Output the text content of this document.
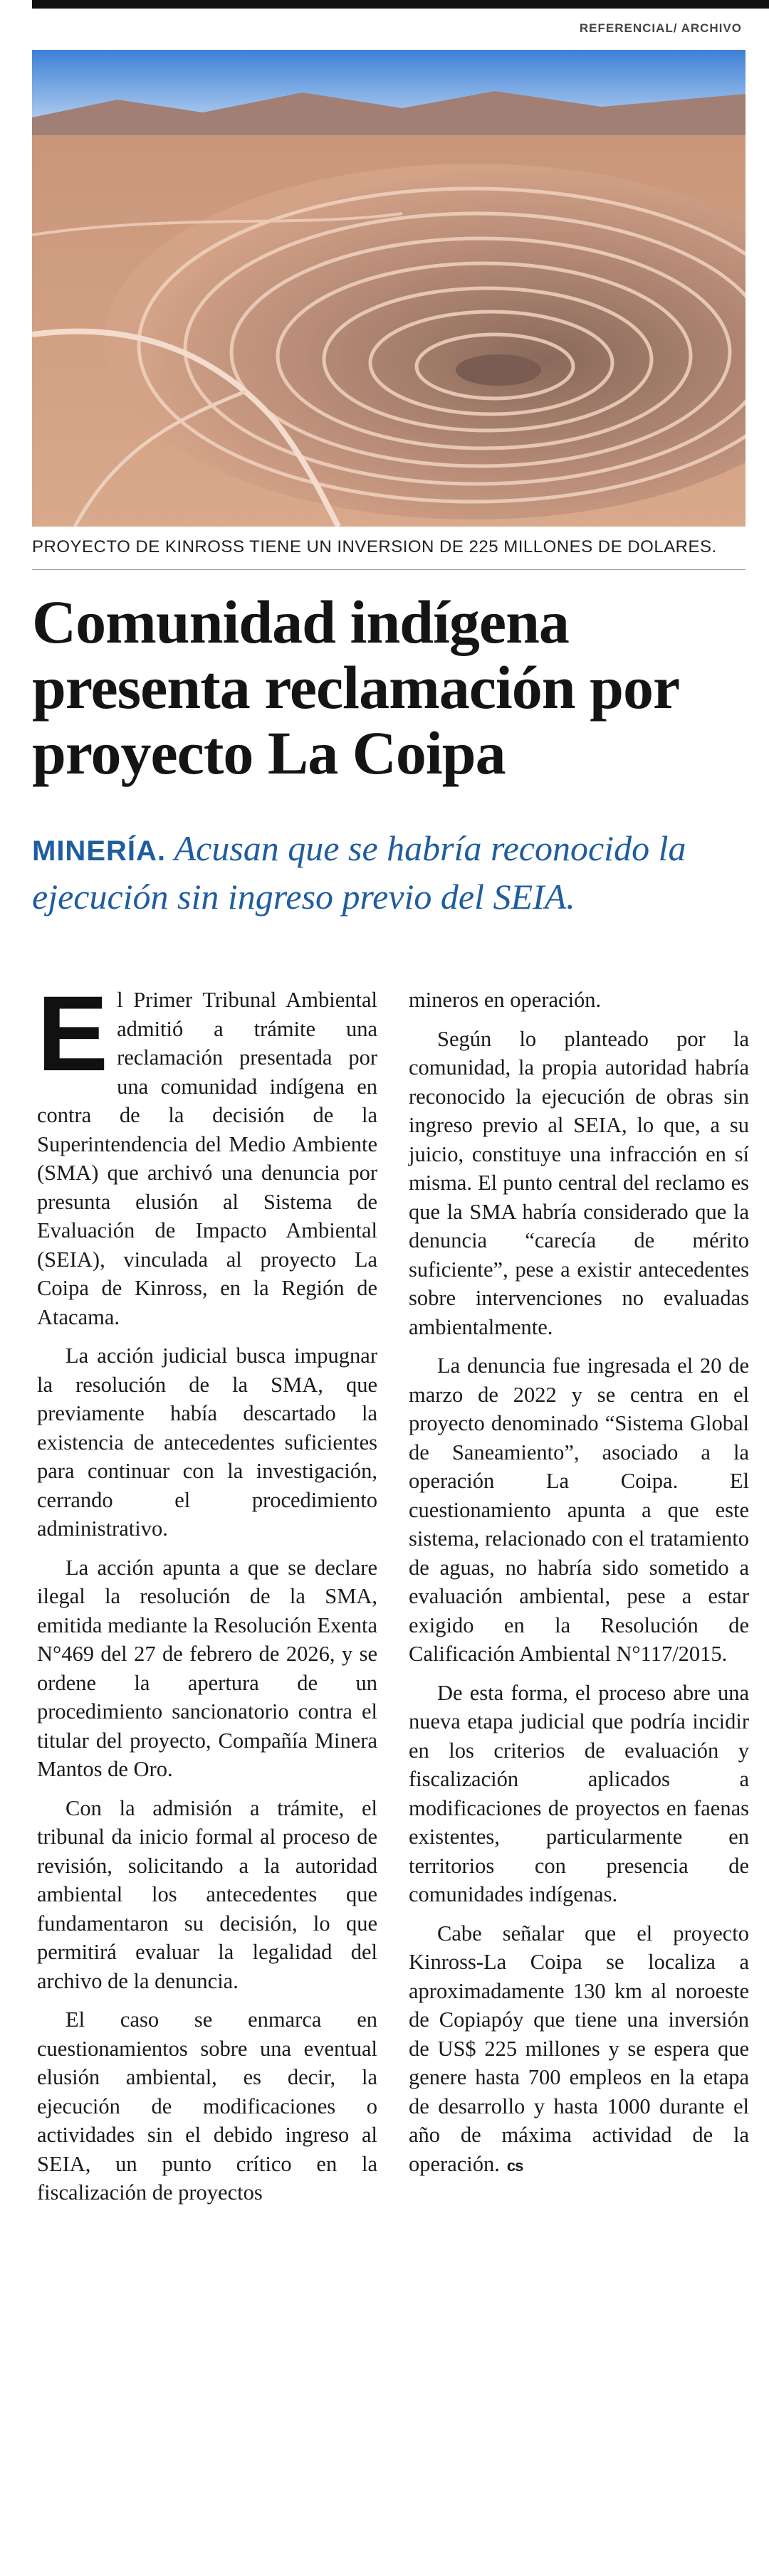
REFERENCIAL/ ARCHIVO
PROYECTO DE KINROSS TIENE UN INVERSION DE 225 MILLONES DE DOLARES.
Comunidad indígena presenta reclamación por proyecto La Coipa
MINERÍA. Acusan que se habría reconocido la ejecución sin ingreso previo del SEIA.

El Primer Tribunal Ambiental admitió a trámite una reclamación presentada por una comunidad indígena en contra de la decisión de la Superintendencia del Medio Ambiente (SMA) que archivó una denuncia por presunta elusión al Sistema de Evaluación de Impacto Ambiental (SEIA), vinculada al proyecto La Coipa de Kinross, en la Región de Atacama.

La acción judicial busca impugnar la resolución de la SMA, que previamente había descartado la existencia de antecedentes suficientes para continuar con la investigación, cerrando el procedimiento administrativo.

La acción apunta a que se declare ilegal la resolución de la SMA, emitida mediante la Resolución Exenta N°469 del 27 de febrero de 2026, y se ordene la apertura de un procedimiento sancionatorio contra el titular del proyecto, Compañía Minera Mantos de Oro.

Con la admisión a trámite, el tribunal da inicio formal al proceso de revisión, solicitando a la autoridad ambiental los antecedentes que fundamentaron su decisión, lo que permitirá evaluar la legalidad del archivo de la denuncia.

El caso se enmarca en cuestionamientos sobre una eventual elusión ambiental, es decir, la ejecución de modificaciones o actividades sin el debido ingreso al SEIA, un punto crítico en la fiscalización de proyectos

mineros en operación.

Según lo planteado por la comunidad, la propia autoridad habría reconocido la ejecución de obras sin ingreso previo al SEIA, lo que, a su juicio, constituye una infracción en sí misma. El punto central del reclamo es que la SMA habría considerado que la denuncia “carecía de mérito suficiente”, pese a existir antecedentes sobre intervenciones no evaluadas ambientalmente.

La denuncia fue ingresada el 20 de marzo de 2022 y se centra en el proyecto denominado “Sistema Global de Saneamiento”, asociado a la operación La Coipa. El cuestionamiento apunta a que este sistema, relacionado con el tratamiento de aguas, no habría sido sometido a evaluación ambiental, pese a estar exigido en la Resolución de Calificación Ambiental N°117/2015.

De esta forma, el proceso abre una nueva etapa judicial que podría incidir en los criterios de evaluación y fiscalización aplicados a modificaciones de proyectos en faenas existentes, particularmente en territorios con presencia de comunidades indígenas.

Cabe señalar que el proyecto Kinross-La Coipa se localiza a aproximadamente 130 km al noroeste de Copiapóy que tiene una inversión de US$ 225 millones y se espera que genere hasta 700 empleos en la etapa de desarrollo y hasta 1000 durante el año de máxima actividad de la operación. cs
